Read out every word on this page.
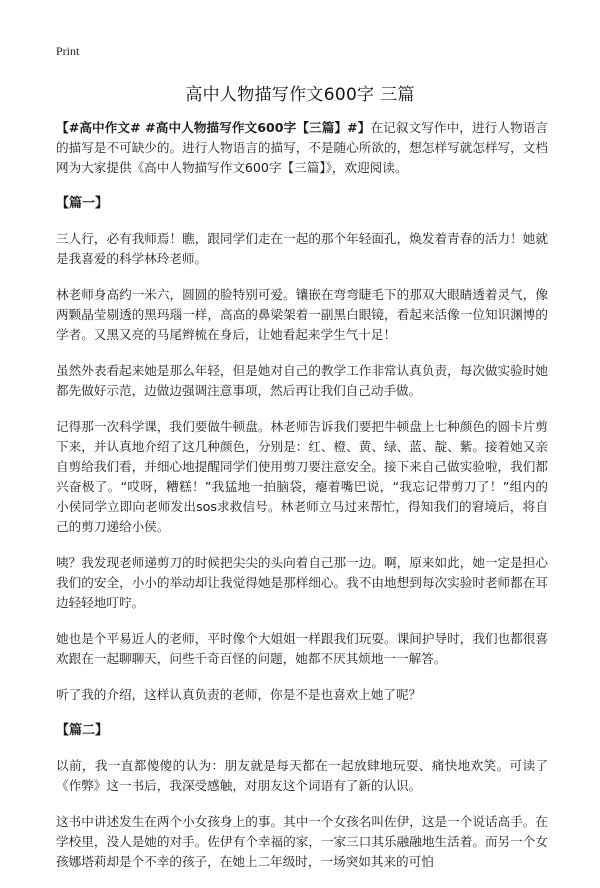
Print
高中人物描写作文600字 三篇

【#高中作文# #高中人物描写作文600字【三篇】#】在记叙文写作中，进行人物语言的描写是不可缺少的。进行人物语言的描写，不是随心所欲的，想怎样写就怎样写，文档网为大家提供《高中人物描写作文600字【三篇】》，欢迎阅读。

【篇一】

三人行，必有我师焉！瞧，跟同学们走在一起的那个年轻面孔，焕发着青春的活力！她就是我喜爱的科学林玲老师。

林老师身高约一米六，圆圆的脸特别可爱。镶嵌在弯弯睫毛下的那双大眼睛透着灵气，像两颗晶莹剔透的黑玛瑙一样，高高的鼻梁架着一副黑白眼镜，看起来活像一位知识渊博的学者。又黑又亮的马尾辫梳在身后，让她看起来学生气十足！

虽然外表看起来她是那么年轻，但是她对自己的教学工作非常认真负责，每次做实验时她都先做好示范，边做边强调注意事项，然后再让我们自己动手做。

记得那一次科学课，我们要做牛顿盘。林老师告诉我们要把牛顿盘上七种颜色的圆卡片剪下来，并认真地介绍了这几种颜色，分别是：红、橙、黄、绿、蓝、靛、紫。接着她又亲自剪给我们看，并细心地提醒同学们使用剪刀要注意安全。接下来自己做实验啦，我们都兴奋极了。“哎呀，糟糕！”我猛地一拍脑袋，瘪着嘴巴说，“我忘记带剪刀了！”组内的小侯同学立即向老师发出sos求救信号。林老师立马过来帮忙，得知我们的窘境后，将自己的剪刀递给小侯。

咦？我发现老师递剪刀的时候把尖尖的头向着自己那一边。啊，原来如此，她一定是担心我们的安全，小小的举动却让我觉得她是那样细心。我不由地想到每次实验时老师都在耳边轻轻地叮咛。

她也是个平易近人的老师，平时像个大姐姐一样跟我们玩耍。课间护导时，我们也都很喜欢跟在一起聊聊天，问些千奇百怪的问题，她都不厌其烦地一一解答。

听了我的介绍，这样认真负责的老师，你是不是也喜欢上她了呢？

【篇二】

以前，我一直都傻傻的认为：朋友就是每天都在一起放肆地玩耍、痛快地欢笑。可读了《作弊》这一书后，我深受感触，对朋友这个词语有了新的认识。

这书中讲述发生在两个小女孩身上的事。其中一个女孩名叫佐伊，这是一个说话高手。在学校里，没人是她的对手。佐伊有个幸福的家，一家三口其乐融融地生活着。而另一个女孩娜塔莉却是个不幸的孩子，在她上二年级时，一场突如其来的可怕
